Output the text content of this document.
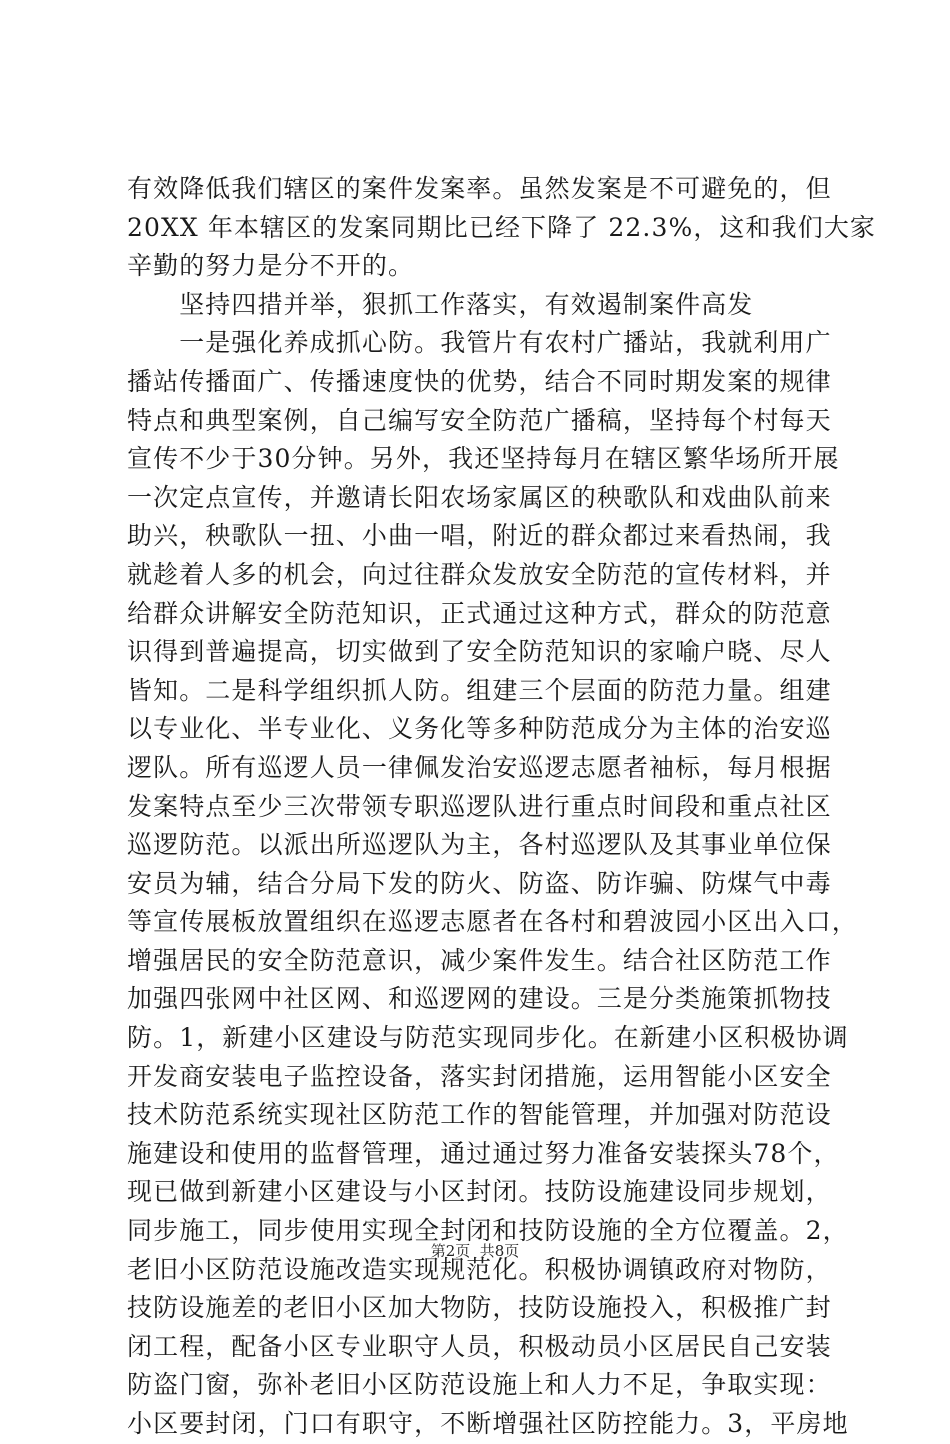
有效降低我们辖区的案件发案率。虽然发案是不可避免的，但
20XX 年本辖区的发案同期比已经下降了 22.3%，这和我们大家
辛勤的努力是分不开的。
　　坚持四措并举，狠抓工作落实，有效遏制案件高发
　　一是强化养成抓心防。我管片有农村广播站，我就利用广
播站传播面广、传播速度快的优势，结合不同时期发案的规律
特点和典型案例，自己编写安全防范广播稿，坚持每个村每天
宣传不少于30分钟。另外，我还坚持每月在辖区繁华场所开展
一次定点宣传，并邀请长阳农场家属区的秧歌队和戏曲队前来
助兴，秧歌队一扭、小曲一唱，附近的群众都过来看热闹，我
就趁着人多的机会，向过往群众发放安全防范的宣传材料，并
给群众讲解安全防范知识，正式通过这种方式，群众的防范意
识得到普遍提高，切实做到了安全防范知识的家喻户晓、尽人
皆知。二是科学组织抓人防。组建三个层面的防范力量。组建
以专业化、半专业化、义务化等多种防范成分为主体的治安巡
逻队。所有巡逻人员一律佩发治安巡逻志愿者袖标，每月根据
发案特点至少三次带领专职巡逻队进行重点时间段和重点社区
巡逻防范。以派出所巡逻队为主，各村巡逻队及其事业单位保
安员为辅，结合分局下发的防火、防盗、防诈骗、防煤气中毒
等宣传展板放置组织在巡逻志愿者在各村和碧波园小区出入口，
增强居民的安全防范意识，减少案件发生。结合社区防范工作
加强四张网中社区网、和巡逻网的建设。三是分类施策抓物技
防。1，新建小区建设与防范实现同步化。在新建小区积极协调
开发商安装电子监控设备，落实封闭措施，运用智能小区安全
技术防范系统实现社区防范工作的智能管理，并加强对防范设
施建设和使用的监督管理，通过通过努力准备安装探头78个，
现已做到新建小区建设与小区封闭。技防设施建设同步规划，
同步施工，同步使用实现全封闭和技防设施的全方位覆盖。2，
老旧小区防范设施改造实现规范化。积极协调镇政府对物防，
技防设施差的老旧小区加大物防，技防设施投入，积极推广封
闭工程，配备小区专业职守人员，积极动员小区居民自己安装
防盗门窗，弥补老旧小区防范设施上和人力不足，争取实现：
小区要封闭，门口有职守，不断增强社区防控能力。3，平房地
第2页  共8页
